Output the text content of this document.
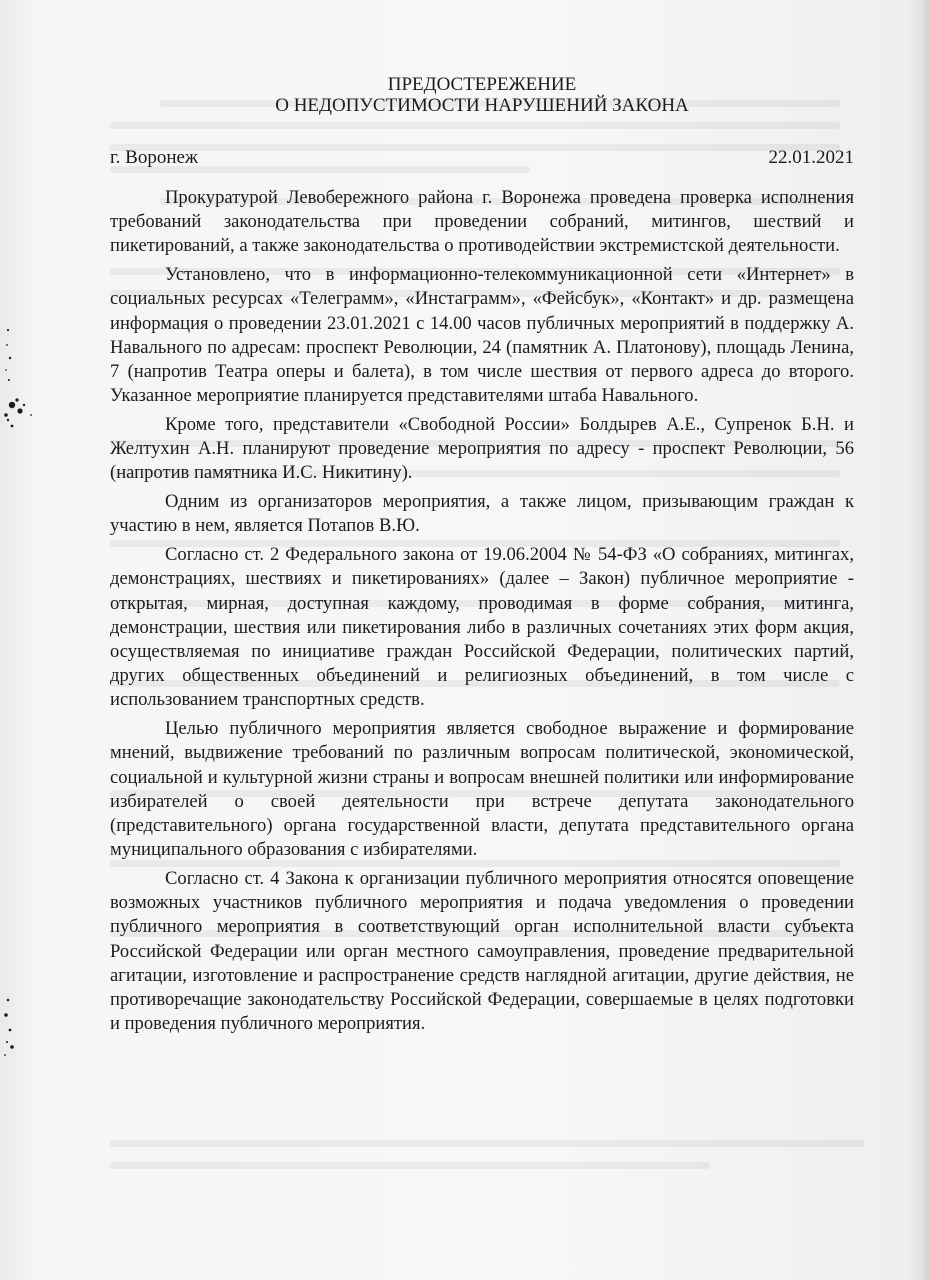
ПРЕДОСТЕРЕЖЕНИЕ

О НЕДОПУСТИМОСТИ НАРУШЕНИЙ ЗАКОНА

г. Воронеж	22.01.2021

Прокуратурой Левобережного района г. Воронежа проведена проверка исполнения требований законодательства при проведении собраний, митингов, шествий и пикетирований, а также законодательства о противодействии экстремистской деятельности.

Установлено, что в информационно-телекоммуникационной сети «Интернет» в социальных ресурсах «Телеграмм», «Инстаграмм», «Фейсбук», «Контакт» и др. размещена информация о проведении 23.01.2021 с 14.00 часов публичных мероприятий в поддержку А. Навального по адресам: проспект Революции, 24 (памятник А. Платонову), площадь Ленина, 7 (напротив Театра оперы и балета), в том числе шествия от первого адреса до второго. Указанное мероприятие планируется представителями штаба Навального.

Кроме того, представители «Свободной России» Болдырев А.Е., Супренок Б.Н. и Желтухин А.Н. планируют проведение мероприятия по адресу - проспект Революции, 56 (напротив памятника И.С. Никитину).

Одним из организаторов мероприятия, а также лицом, призывающим граждан к участию в нем, является Потапов В.Ю.

Согласно ст. 2 Федерального закона от 19.06.2004 № 54-ФЗ «О собраниях, митингах, демонстрациях, шествиях и пикетированиях» (далее – Закон) публичное мероприятие - открытая, мирная, доступная каждому, проводимая в форме собрания, митинга, демонстрации, шествия или пикетирования либо в различных сочетаниях этих форм акция, осуществляемая по инициативе граждан Российской Федерации, политических партий, других общественных объединений и религиозных объединений, в том числе с использованием транспортных средств.

Целью публичного мероприятия является свободное выражение и формирование мнений, выдвижение требований по различным вопросам политической, экономической, социальной и культурной жизни страны и вопросам внешней политики или информирование избирателей о своей деятельности при встрече депутата законодательного (представительного) органа государственной власти, депутата представительного органа муниципального образования с избирателями.

Согласно ст. 4 Закона к организации публичного мероприятия относятся оповещение возможных участников публичного мероприятия и подача уведомления о проведении публичного мероприятия в соответствующий орган исполнительной власти субъекта Российской Федерации или орган местного самоуправления, проведение предварительной агитации, изготовление и распространение средств наглядной агитации, другие действия, не противоречащие законодательству Российской Федерации, совершаемые в целях подготовки и проведения публичного мероприятия.
